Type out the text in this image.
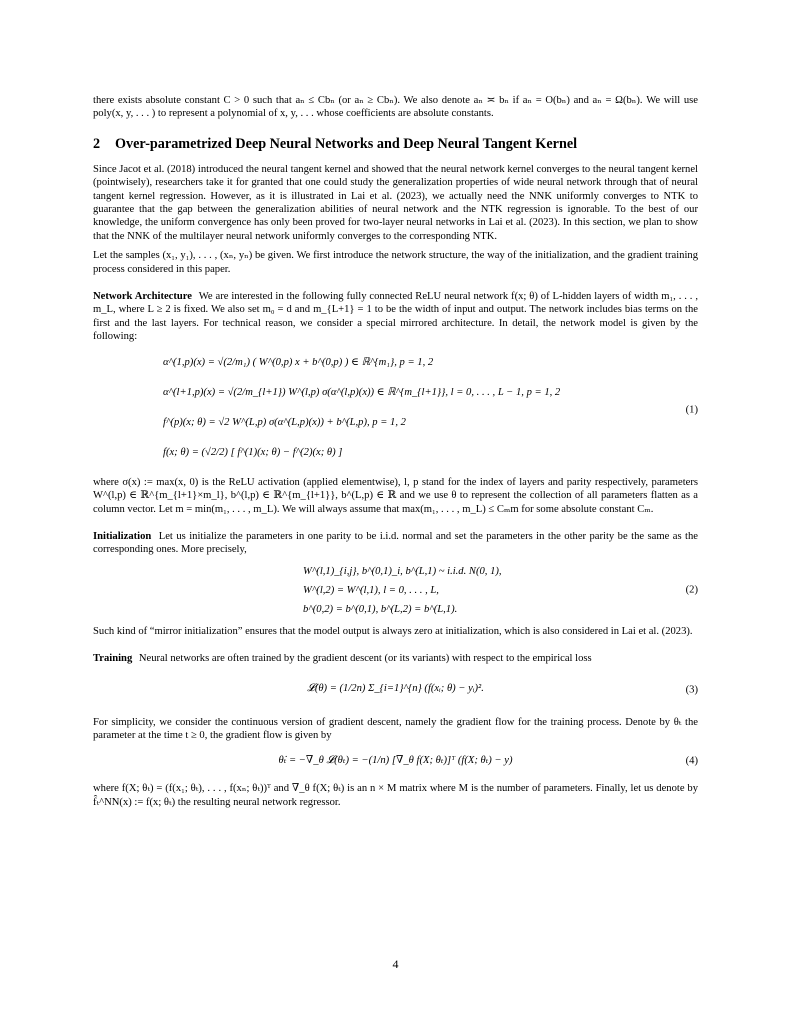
there exists absolute constant C > 0 such that aₙ ≤ Cbₙ (or aₙ ≥ Cbₙ). We also denote aₙ ≍ bₙ if aₙ = O(bₙ) and aₙ = Ω(bₙ). We will use poly(x, y, . . . ) to represent a polynomial of x, y, . . . whose coefficients are absolute constants.

2 Over-parametrized Deep Neural Networks and Deep Neural Tangent Kernel

Since Jacot et al. (2018) introduced the neural tangent kernel and showed that the neural network kernel converges to the neural tangent kernel (pointwisely), researchers take it for granted that one could study the generalization properties of wide neural network through that of neural tangent kernel regression. However, as it is illustrated in Lai et al. (2023), we actually need the NNK uniformly converges to NTK to guarantee that the gap between the generalization abilities of neural network and the NTK regression is ignorable. To the best of our knowledge, the uniform convergence has only been proved for two-layer neural networks in Lai et al. (2023). In this section, we plan to show that the NNK of the multilayer neural network uniformly converges to the corresponding NTK.

Let the samples (x₁, y₁), . . . , (xₙ, yₙ) be given. We first introduce the network structure, the way of the initialization, and the gradient training process considered in this paper.

Network Architecture We are interested in the following fully connected ReLU neural network f(x; θ) of L-hidden layers of width m₁, . . . , m_L, where L ≥ 2 is fixed. We also set m₀ = d and m_{L+1} = 1 to be the width of input and output. The network includes bias terms on the first and the last layers. For technical reason, we consider a special mirrored architecture. In detail, the network model is given by the following:

α^(1,p)(x) = √(2/m₁) ( W^(0,p) x + b^(0,p) ) ∈ ℝ^{m₁}, p = 1, 2
α^(l+1,p)(x) = √(2/m_{l+1}) W^(l,p) σ(α^(l,p)(x)) ∈ ℝ^{m_{l+1}}, l = 0, . . . , L − 1, p = 1, 2
f^(p)(x; θ) = √2 W^(L,p) σ(α^(L,p)(x)) + b^(L,p), p = 1, 2
f(x; θ) = (√2/2) [ f^(1)(x; θ) − f^(2)(x; θ) ]
(1)

where σ(x) := max(x, 0) is the ReLU activation (applied elementwise), l, p stand for the index of layers and parity respectively, parameters W^(l,p) ∈ ℝ^{m_{l+1}×m_l}, b^(l,p) ∈ ℝ^{m_{l+1}}, b^(L,p) ∈ ℝ and we use θ to represent the collection of all parameters flatten as a column vector. Let m = min(m₁, . . . , m_L). We will always assume that max(m₁, . . . , m_L) ≤ Cₘm for some absolute constant Cₘ.

Initialization Let us initialize the parameters in one parity to be i.i.d. normal and set the parameters in the other parity be the same as the corresponding ones. More precisely,

W^(l,1)_{i,j}, b^(0,1)_i, b^(L,1) ~ i.i.d. N(0, 1),
W^(l,2) = W^(l,1), l = 0, . . . , L,
b^(0,2) = b^(0,1), b^(L,2) = b^(L,1).
(2)

Such kind of “mirror initialization” ensures that the model output is always zero at initialization, which is also considered in Lai et al. (2023).

Training Neural networks are often trained by the gradient descent (or its variants) with respect to the empirical loss

𝓛(θ) = (1/2n) Σ_{i=1}^{n} (f(xᵢ; θ) − yᵢ)².	(3)

For simplicity, we consider the continuous version of gradient descent, namely the gradient flow for the training process. Denote by θₜ the parameter at the time t ≥ 0, the gradient flow is given by

θ̇ₜ = −∇_θ 𝓛(θₜ) = −(1/n) [∇_θ f(X; θₜ)]ᵀ (f(X; θₜ) − y)	(4)

where f(X; θₜ) = (f(x₁; θₜ), . . . , f(xₙ; θₜ))ᵀ and ∇_θ f(X; θₜ) is an n × M matrix where M is the number of parameters. Finally, let us denote by f̂ₜ^NN(x) := f(x; θₜ) the resulting neural network regressor.

4
